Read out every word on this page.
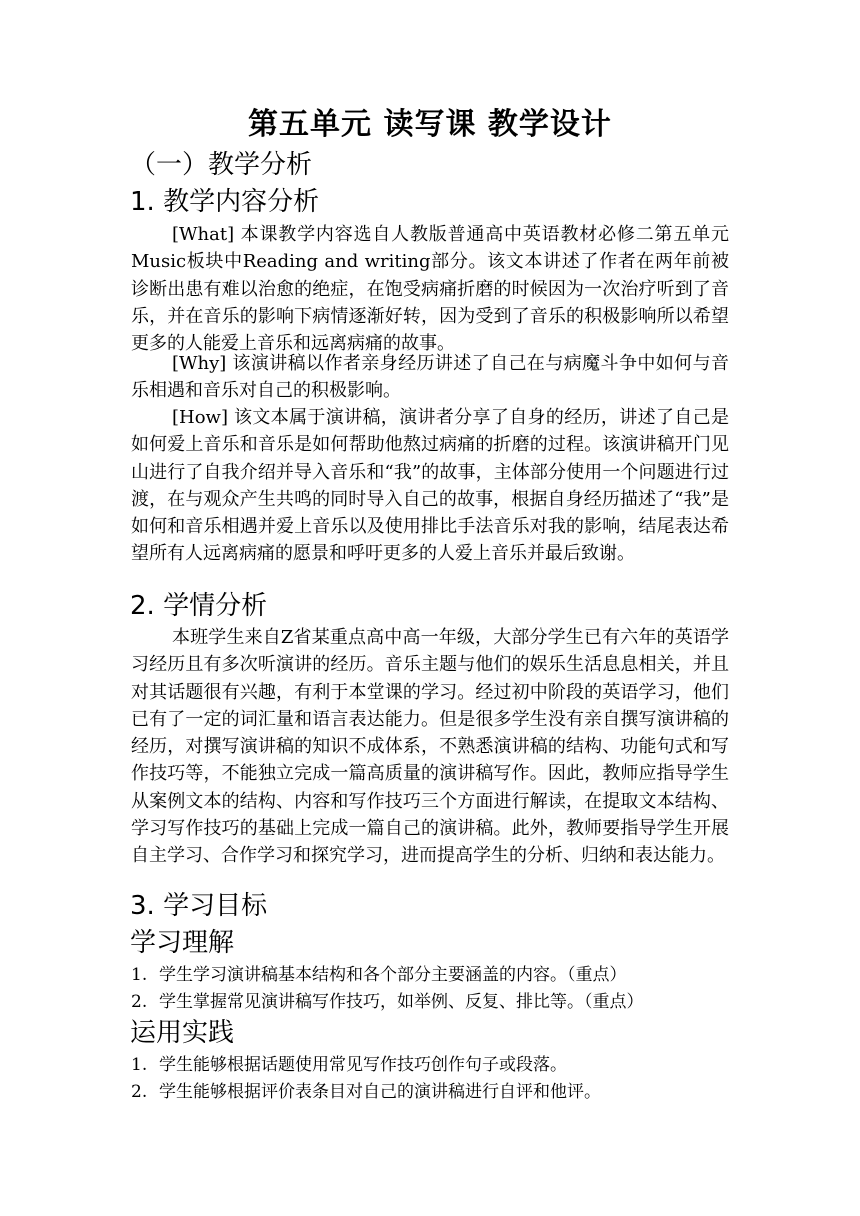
第五单元 读写课 教学设计
（一）教学分析
1. 教学内容分析

[What] 本课教学内容选自人教版普通高中英语教材必修二第五单元Music板块中Reading and writing部分。该文本讲述了作者在两年前被诊断出患有难以治愈的绝症，在饱受病痛折磨的时候因为一次治疗听到了音乐，并在音乐的影响下病情逐渐好转，因为受到了音乐的积极影响所以希望更多的人能爱上音乐和远离病痛的故事。

[Why] 该演讲稿以作者亲身经历讲述了自己在与病魔斗争中如何与音乐相遇和音乐对自己的积极影响。

[How] 该文本属于演讲稿，演讲者分享了自身的经历，讲述了自己是如何爱上音乐和音乐是如何帮助他熬过病痛的折磨的过程。该演讲稿开门见山进行了自我介绍并导入音乐和“我”的故事，主体部分使用一个问题进行过渡，在与观众产生共鸣的同时导入自己的故事，根据自身经历描述了“我”是如何和音乐相遇并爱上音乐以及使用排比手法音乐对我的影响，结尾表达希望所有人远离病痛的愿景和呼吁更多的人爱上音乐并最后致谢。

2. 学情分析

本班学生来自Z省某重点高中高一年级，大部分学生已有六年的英语学习经历且有多次听演讲的经历。音乐主题与他们的娱乐生活息息相关，并且对其话题很有兴趣，有利于本堂课的学习。经过初中阶段的英语学习，他们已有了一定的词汇量和语言表达能力。但是很多学生没有亲自撰写演讲稿的经历，对撰写演讲稿的知识不成体系，不熟悉演讲稿的结构、功能句式和写作技巧等，不能独立完成一篇高质量的演讲稿写作。因此，教师应指导学生从案例文本的结构、内容和写作技巧三个方面进行解读，在提取文本结构、学习写作技巧的基础上完成一篇自己的演讲稿。此外，教师要指导学生开展自主学习、合作学习和探究学习，进而提高学生的分析、归纳和表达能力。

3. 学习目标
学习理解
1. 学生学习演讲稿基本结构和各个部分主要涵盖的内容。（重点）
2. 学生掌握常见演讲稿写作技巧，如举例、反复、排比等。（重点）
运用实践
1. 学生能够根据话题使用常见写作技巧创作句子或段落。
2. 学生能够根据评价表条目对自己的演讲稿进行自评和他评。
